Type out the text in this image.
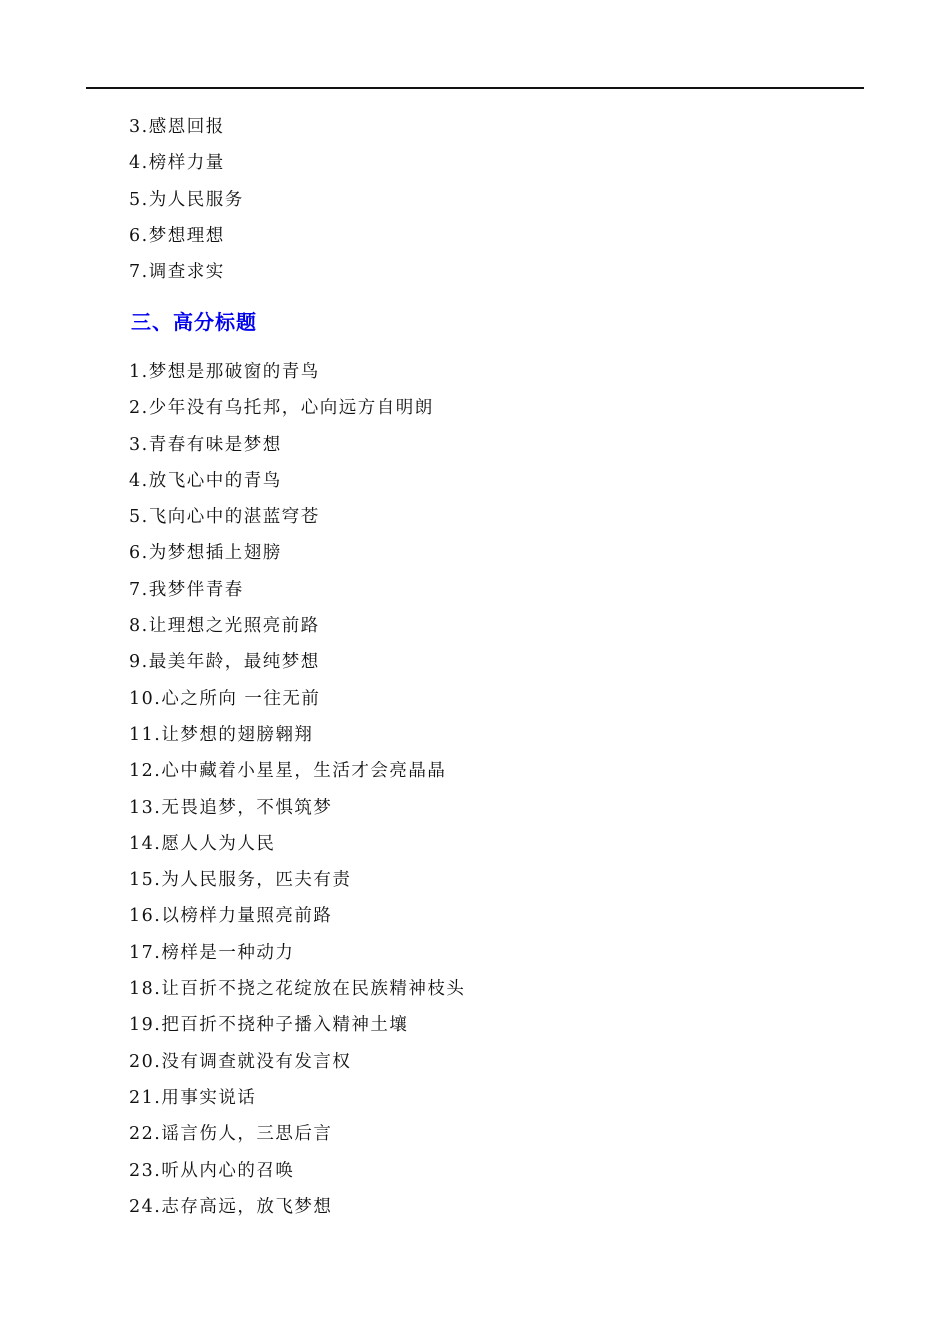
3.感恩回报
4.榜样力量
5.为人民服务
6.梦想理想
7.调查求实
三、高分标题
1.梦想是那破窗的青鸟
2.少年没有乌托邦，心向远方自明朗
3.青春有味是梦想
4.放飞心中的青鸟
5.飞向心中的湛蓝穹苍
6.为梦想插上翅膀
7.我梦伴青春
8.让理想之光照亮前路
9.最美年龄，最纯梦想
10.心之所向 一往无前
11.让梦想的翅膀翱翔
12.心中藏着小星星，生活才会亮晶晶
13.无畏追梦，不惧筑梦
14.愿人人为人民
15.为人民服务，匹夫有责
16.以榜样力量照亮前路
17.榜样是一种动力
18.让百折不挠之花绽放在民族精神枝头
19.把百折不挠种子播入精神土壤
20.没有调查就没有发言权
21.用事实说话
22.谣言伤人，三思后言
23.听从内心的召唤
24.志存高远，放飞梦想
